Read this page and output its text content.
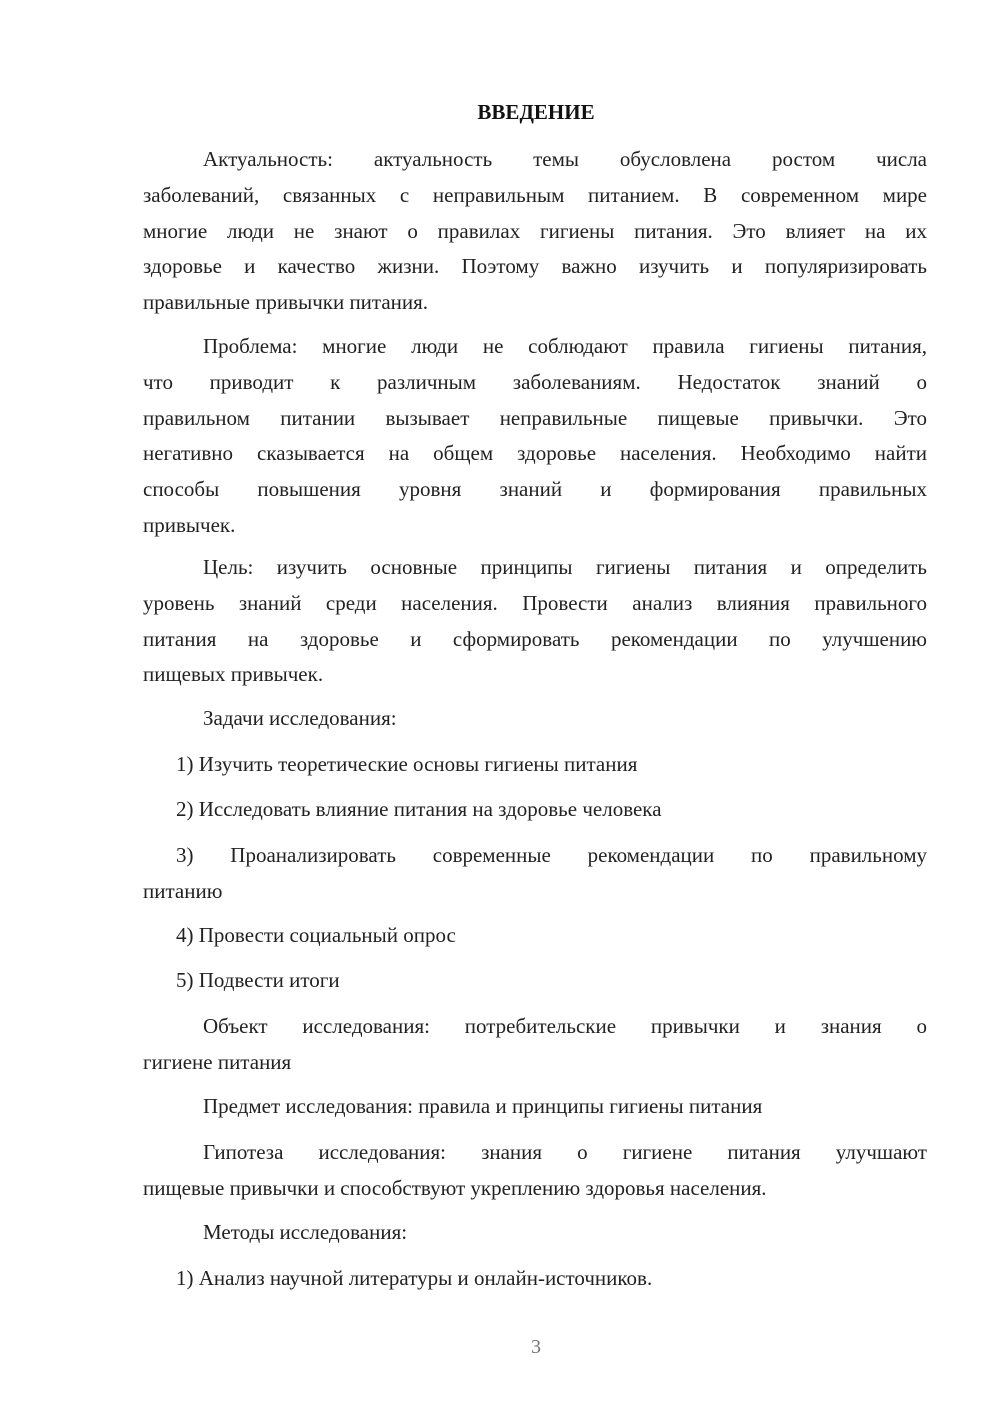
ВВЕДЕНИЕ
Актуальность: актуальность темы обусловлена ростом числа
заболеваний, связанных с неправильным питанием. В современном мире
многие люди не знают о правилах гигиены питания. Это влияет на их
здоровье и качество жизни. Поэтому важно изучить и популяризировать
правильные привычки питания.
Проблема: многие люди не соблюдают правила гигиены питания,
что приводит к различным заболеваниям. Недостаток знаний о
правильном питании вызывает неправильные пищевые привычки. Это
негативно сказывается на общем здоровье населения. Необходимо найти
способы повышения уровня знаний и формирования правильных
привычек.
Цель: изучить основные принципы гигиены питания и определить
уровень знаний среди населения. Провести анализ влияния правильного
питания на здоровье и сформировать рекомендации по улучшению
пищевых привычек.
Задачи исследования:
1) Изучить теоретические основы гигиены питания
2) Исследовать влияние питания на здоровье человека
3) Проанализировать современные рекомендации по правильному
питанию
4) Провести социальный опрос
5) Подвести итоги
Объект исследования: потребительские привычки и знания о
гигиене питания
Предмет исследования: правила и принципы гигиены питания
Гипотеза исследования: знания о гигиене питания улучшают
пищевые привычки и способствуют укреплению здоровья населения.
Методы исследования:
1) Анализ научной литературы и онлайн-источников.
3
